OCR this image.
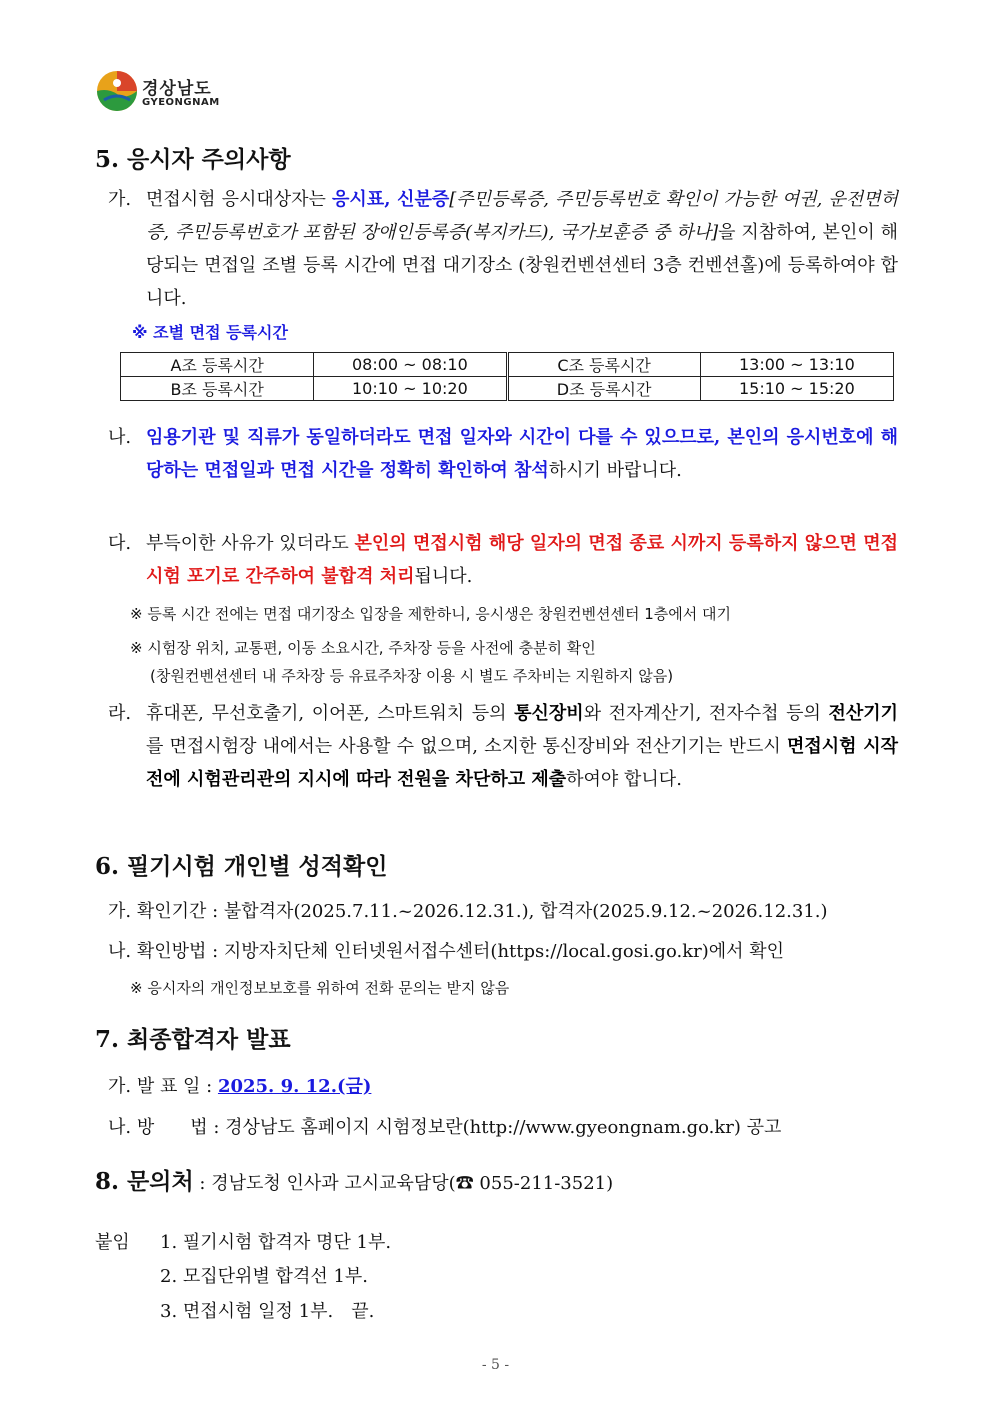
경상남도
GYEONGNAM
5. 응시자 주의사항
가. 면접시험 응시대상자는 응시표, 신분증[주민등록증, 주민등록번호 확인이 가능한 여권, 운전면허증, 주민등록번호가 포함된 장애인등록증(복지카드), 국가보훈증 중 하나]을 지참하여, 본인이 해당되는 면접일 조별 등록 시간에 면접 대기장소 (창원컨벤션센터 3층 컨벤션홀)에 등록하여야 합니다.
※ 조별 면접 등록시간
A조 등록시간	08:00 ~ 08:10	C조 등록시간	13:00 ~ 13:10
B조 등록시간	10:10 ~ 10:20	D조 등록시간	15:10 ~ 15:20
나. 임용기관 및 직류가 동일하더라도 면접 일자와 시간이 다를 수 있으므로, 본인의 응시번호에 해당하는 면접일과 면접 시간을 정확히 확인하여 참석하시기 바랍니다.
다. 부득이한 사유가 있더라도 본인의 면접시험 해당 일자의 면접 종료 시까지 등록하지 않으면 면접시험 포기로 간주하여 불합격 처리됩니다.
※ 등록 시간 전에는 면접 대기장소 입장을 제한하니, 응시생은 창원컨벤션센터 1층에서 대기
※ 시험장 위치, 교통편, 이동 소요시간, 주차장 등을 사전에 충분히 확인
(창원컨벤션센터 내 주차장 등 유료주차장 이용 시 별도 주차비는 지원하지 않음)
라. 휴대폰, 무선호출기, 이어폰, 스마트워치 등의 통신장비와 전자계산기, 전자수첩 등의 전산기기를 면접시험장 내에서는 사용할 수 없으며, 소지한 통신장비와 전산기기는 반드시 면접시험 시작 전에 시험관리관의 지시에 따라 전원을 차단하고 제출하여야 합니다.
6. 필기시험 개인별 성적확인
가. 확인기간 : 불합격자(2025.7.11.~2026.12.31.), 합격자(2025.9.12.~2026.12.31.)
나. 확인방법 : 지방자치단체 인터넷원서접수센터(https://local.gosi.go.kr)에서 확인
※ 응시자의 개인정보보호를 위하여 전화 문의는 받지 않음
7. 최종합격자 발표
가. 발 표 일 : 2025. 9. 12.(금)
나. 방　　법 : 경상남도 홈페이지 시험정보란(http://www.gyeongnam.go.kr) 공고
8. 문의처 : 경남도청 인사과 고시교육담당(☎ 055-211-3521)
붙임 1. 필기시험 합격자 명단 1부.
2. 모집단위별 합격선 1부.
3. 면접시험 일정 1부.　끝.
- 5 -
